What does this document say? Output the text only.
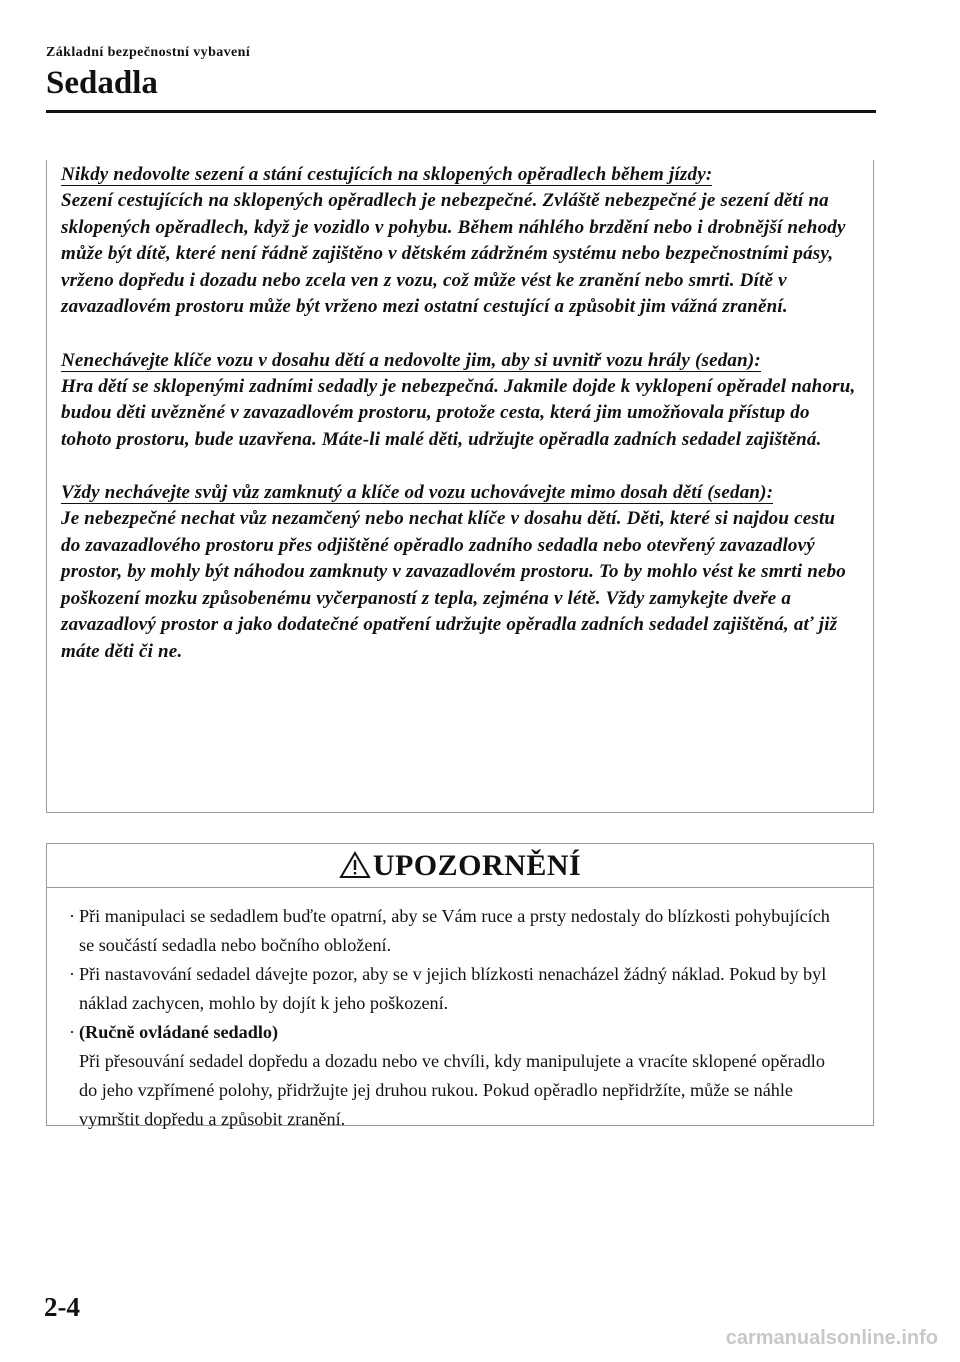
Základní bezpečnostní vybavení
Sedadla

Nikdy nedovolte sezení a stání cestujících na sklopených opěradlech během jízdy:

Sezení cestujících na sklopených opěradlech je nebezpečné. Zvláště nebezpečné je sezení dětí na sklopených opěradlech, když je vozidlo v pohybu. Během náhlého brzdění nebo i drobnější nehody může být dítě, které není řádně zajištěno v dětském zádržném systému nebo bezpečnostními pásy, vrženo dopředu i dozadu nebo zcela ven z vozu, což může vést ke zranění nebo smrti. Dítě v zavazadlovém prostoru může být vrženo mezi ostatní cestující a způsobit jim vážná zranění.

Nenechávejte klíče vozu v dosahu dětí a nedovolte jim, aby si uvnitř vozu hrály (sedan):

Hra dětí se sklopenými zadními sedadly je nebezpečná. Jakmile dojde k vyklopení opěradel nahoru, budou děti uvězněné v zavazadlovém prostoru, protože cesta, která jim umožňovala přístup do tohoto prostoru, bude uzavřena. Máte-li malé děti, udržujte opěradla zadních sedadel zajištěná.

Vždy nechávejte svůj vůz zamknutý a klíče od vozu uchovávejte mimo dosah dětí (sedan):

Je nebezpečné nechat vůz nezamčený nebo nechat klíče v dosahu dětí. Děti, které si najdou cestu do zavazadlového prostoru přes odjištěné opěradlo zadního sedadla nebo otevřený zavazadlový prostor, by mohly být náhodou zamknuty v zavazadlovém prostoru. To by mohlo vést ke smrti nebo poškození mozku způsobenému vyčerpaností z tepla, zejména v létě. Vždy zamykejte dveře a zavazadlový prostor a jako dodatečné opatření udržujte opěradla zadních sedadel zajištěná, ať již máte děti či ne.

UPOZORNĚNÍ
· Při manipulaci se sedadlem buďte opatrní, aby se Vám ruce a prsty nedostaly do blízkosti pohybujících se součástí sedadla nebo bočního obložení.
· Při nastavování sedadel dávejte pozor, aby se v jejich blízkosti nenacházel žádný náklad. Pokud by byl náklad zachycen, mohlo by dojít k jeho poškození.
· (Ručně ovládané sedadlo)
Při přesouvání sedadel dopředu a dozadu nebo ve chvíli, kdy manipulujete a vracíte sklopené opěradlo do jeho vzpřímené polohy, přidržujte jej druhou rukou. Pokud opěradlo nepřidržíte, může se náhle vymrštit dopředu a způsobit zranění.
2-4
carmanualsonline.info
